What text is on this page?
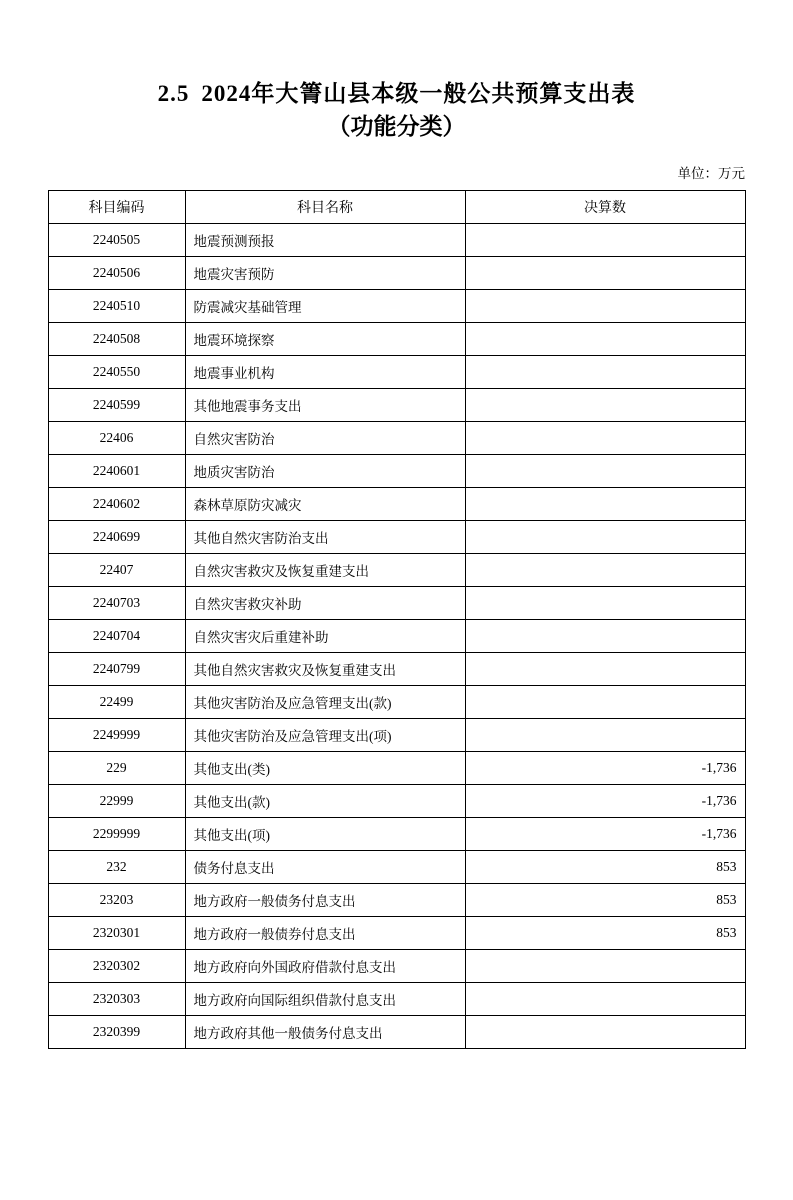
2.5 2024年大箐山县本级一般公共预算支出表
（功能分类）
单位：万元
科目编码	科目名称	决算数
2240505	地震预测预报	
2240506	地震灾害预防	
2240510	防震减灾基础管理	
2240508	地震环境探察	
2240550	地震事业机构	
2240599	其他地震事务支出	
22406	自然灾害防治	
2240601	地质灾害防治	
2240602	森林草原防灾减灾	
2240699	其他自然灾害防治支出	
22407	自然灾害救灾及恢复重建支出	
2240703	自然灾害救灾补助	
2240704	自然灾害灾后重建补助	
2240799	其他自然灾害救灾及恢复重建支出	
22499	其他灾害防治及应急管理支出(款)	
2249999	其他灾害防治及应急管理支出(项)	
229	其他支出(类)	-1,736
22999	其他支出(款)	-1,736
2299999	其他支出(项)	-1,736
232	债务付息支出	853
23203	地方政府一般债务付息支出	853
2320301	地方政府一般债券付息支出	853
2320302	地方政府向外国政府借款付息支出	
2320303	地方政府向国际组织借款付息支出	
2320399	地方政府其他一般债务付息支出	
